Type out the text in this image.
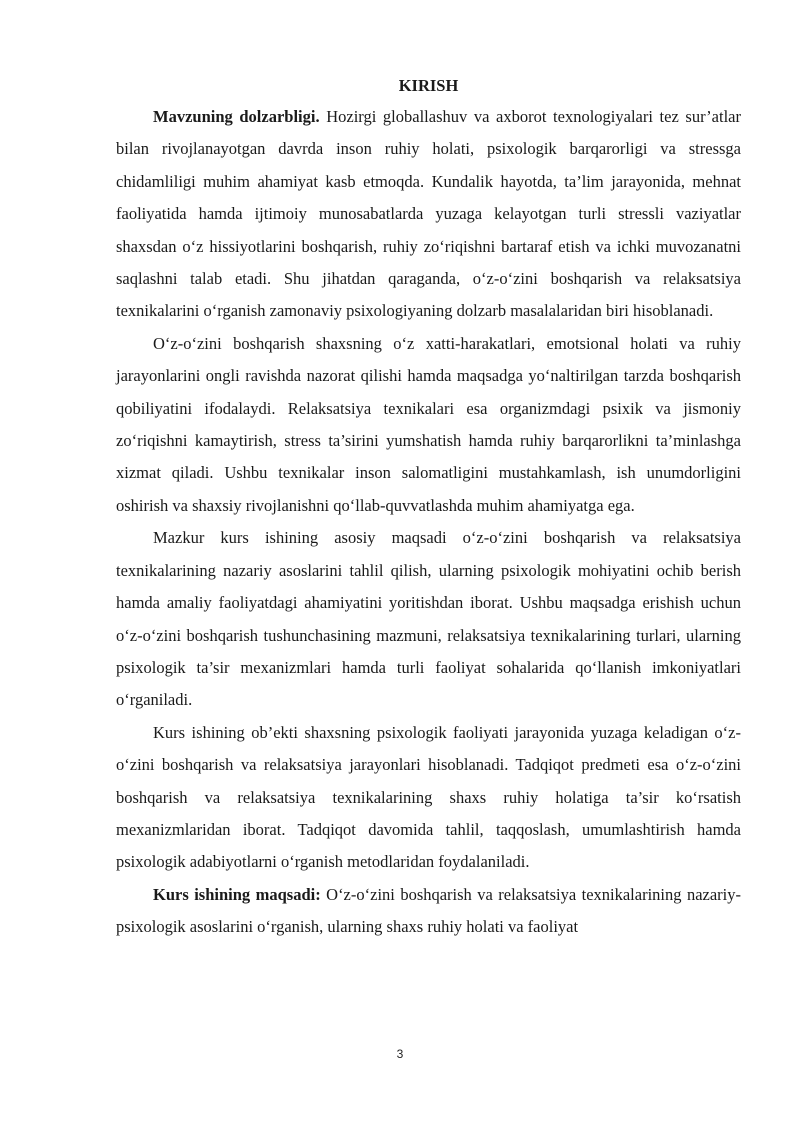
KIRISH

Mavzuning dolzarbligi. Hozirgi globallashuv va axborot texnologiyalari tez sur’atlar bilan rivojlanayotgan davrda inson ruhiy holati, psixologik barqarorligi va stressga chidamliligi muhim ahamiyat kasb etmoqda. Kundalik hayotda, ta’lim jarayonida, mehnat faoliyatida hamda ijtimoiy munosabatlarda yuzaga kelayotgan turli stressli vaziyatlar shaxsdan o‘z hissiyotlarini boshqarish, ruhiy zo‘riqishni bartaraf etish va ichki muvozanatni saqlashni talab etadi. Shu jihatdan qaraganda, o‘z-o‘zini boshqarish va relaksatsiya texnikalarini o‘rganish zamonaviy psixologiyaning dolzarb masalalaridan biri hisoblanadi.

O‘z-o‘zini boshqarish shaxsning o‘z xatti-harakatlari, emotsional holati va ruhiy jarayonlarini ongli ravishda nazorat qilishi hamda maqsadga yo‘naltirilgan tarzda boshqarish qobiliyatini ifodalaydi. Relaksatsiya texnikalari esa organizmdagi psixik va jismoniy zo‘riqishni kamaytirish, stress ta’sirini yumshatish hamda ruhiy barqarorlikni ta’minlashga xizmat qiladi. Ushbu texnikalar inson salomatligini mustahkamlash, ish unumdorligini oshirish va shaxsiy rivojlanishni qo‘llab-quvvatlashda muhim ahamiyatga ega.

Mazkur kurs ishining asosiy maqsadi o‘z-o‘zini boshqarish va relaksatsiya texnikalarining nazariy asoslarini tahlil qilish, ularning psixologik mohiyatini ochib berish hamda amaliy faoliyatdagi ahamiyatini yoritishdan iborat. Ushbu maqsadga erishish uchun o‘z-o‘zini boshqarish tushunchasining mazmuni, relaksatsiya texnikalarining turlari, ularning psixologik ta’sir mexanizmlari hamda turli faoliyat sohalarida qo‘llanish imkoniyatlari o‘rganiladi.

Kurs ishining ob’ekti shaxsning psixologik faoliyati jarayonida yuzaga keladigan o‘z-o‘zini boshqarish va relaksatsiya jarayonlari hisoblanadi. Tadqiqot predmeti esa o‘z-o‘zini boshqarish va relaksatsiya texnikalarining shaxs ruhiy holatiga ta’sir ko‘rsatish mexanizmlaridan iborat. Tadqiqot davomida tahlil, taqqoslash, umumlashtirish hamda psixologik adabiyotlarni o‘rganish metodlaridan foydalaniladi.

Kurs ishining maqsadi: O‘z-o‘zini boshqarish va relaksatsiya texnikalarining nazariy-psixologik asoslarini o‘rganish, ularning shaxs ruhiy holati va faoliyat

3
